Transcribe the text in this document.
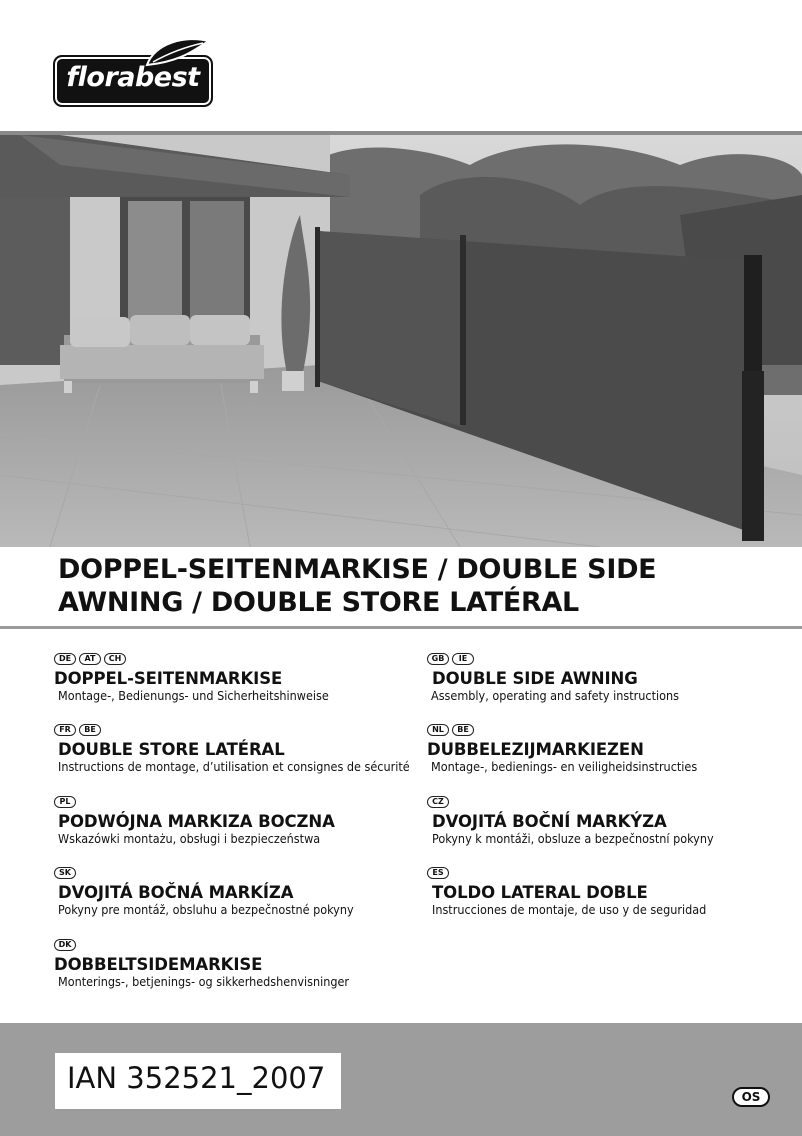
florabest
DOPPEL-SEITENMARKISE / DOUBLE SIDE
AWNING / DOUBLE STORE LATÉRAL
DE	AT	CH
DOPPEL-SEITENMARKISE
Montage-, Bedienungs- und Sicherheitshinweise
FR	BE
DOUBLE STORE LATÉRAL
Instructions de montage, d’utilisation et consignes de sécurité
PL
PODWÓJNA MARKIZA BOCZNA
Wskazówki montażu, obsługi i bezpieczeństwa
SK
DVOJITÁ BOČNÁ MARKÍZA
Pokyny pre montáž, obsluhu a bezpečnostné pokyny
DK
DOBBELTSIDEMARKISE
Monterings-, betjenings- og sikkerhedshenvisninger
GB	IE
DOUBLE SIDE AWNING
Assembly, operating and safety instructions
NL	BE
DUBBELEZIJMARKIEZEN
Montage-, bedienings- en veiligheidsinstructies
CZ
DVOJITÁ BOČNÍ MARKÝZA
Pokyny k montáži, obsluze a bezpečnostní pokyny
ES
TOLDO LATERAL DOBLE
Instrucciones de montaje, de uso y de seguridad
IAN 352521_2007
OS
